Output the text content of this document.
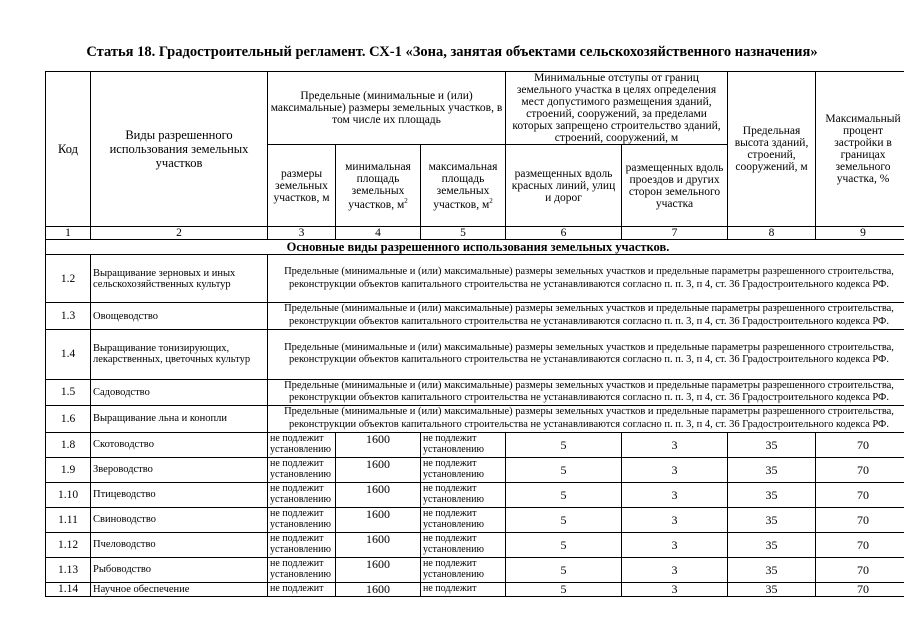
Статья 18. Градостроительный регламент. СХ-1 «Зона, занятая объектами сельскохозяйственного назначения»
Код	Виды разрешенного использования земельных участков	Предельные (минимальные и (или) максимальные) размеры земельных участков, в том числе их площадь			Минимальные отступы от границ земельного участка в целях определения мест допустимого размещения зданий, строений, сооружений, за пределами которых запрещено строительство зданий, строений, сооружений, м		Предельная высота зданий, строений, сооружений, м	Максимальный процент застройки в границах земельного участка, %
		размеры земельных участков, м	минимальная площадь земельных участков, $м^2$	максимальная площадь земельных участков, $м^2$	размещенных вдоль красных линий, улиц и дорог	размещенных вдоль проездов и других сторон земельного участка		
1	2	3	4	5	6	7	8	9
Основные виды разрешенного использования земельных участков.								
1.2	Выращивание зерновых и иных сельскохозяйственных культур	Предельные (минимальные и (или) максимальные) размеры земельных участков и предельные параметры разрешенного строительства, реконструкции объектов капитального строительства не устанавливаются согласно п. п. 3, п 4, ст. 36 Градостроительного кодекса РФ.						
1.3	Овощеводство	Предельные (минимальные и (или) максимальные) размеры земельных участков и предельные параметры разрешенного строительства, реконструкции объектов капитального строительства не устанавливаются согласно п. п. 3, п 4, ст. 36 Градостроительного кодекса РФ.						
1.4	Выращивание тонизирующих, лекарственных, цветочных культур	Предельные (минимальные и (или) максимальные) размеры земельных участков и предельные параметры разрешенного строительства, реконструкции объектов капитального строительства не устанавливаются согласно п. п. 3, п 4, ст. 36 Градостроительного кодекса РФ.						
1.5	Садоводство	Предельные (минимальные и (или) максимальные) размеры земельных участков и предельные параметры разрешенного строительства, реконструкции объектов капитального строительства не устанавливаются согласно п. п. 3, п 4, ст. 36 Градостроительного кодекса РФ.						
1.6	Выращивание льна и конопли	Предельные (минимальные и (или) максимальные) размеры земельных участков и предельные параметры разрешенного строительства, реконструкции объектов капитального строительства не устанавливаются согласно п. п. 3, п 4, ст. 36 Градостроительного кодекса РФ.						
1.8	Скотоводство	не подлежит установлению	1600	не подлежит установлению	5	3	35	70
1.9	Звероводство	не подлежит установлению	1600	не подлежит установлению	5	3	35	70
1.10	Птицеводство	не подлежит установлению	1600	не подлежит установлению	5	3	35	70
1.11	Свиноводство	не подлежит установлению	1600	не подлежит установлению	5	3	35	70
1.12	Пчеловодство	не подлежит установлению	1600	не подлежит установлению	5	3	35	70
1.13	Рыбоводство	не подлежит установлению	1600	не подлежит установлению	5	3	35	70
1.14	Научное обеспечение	не подлежит	1600	не подлежит	5	3	35	70
